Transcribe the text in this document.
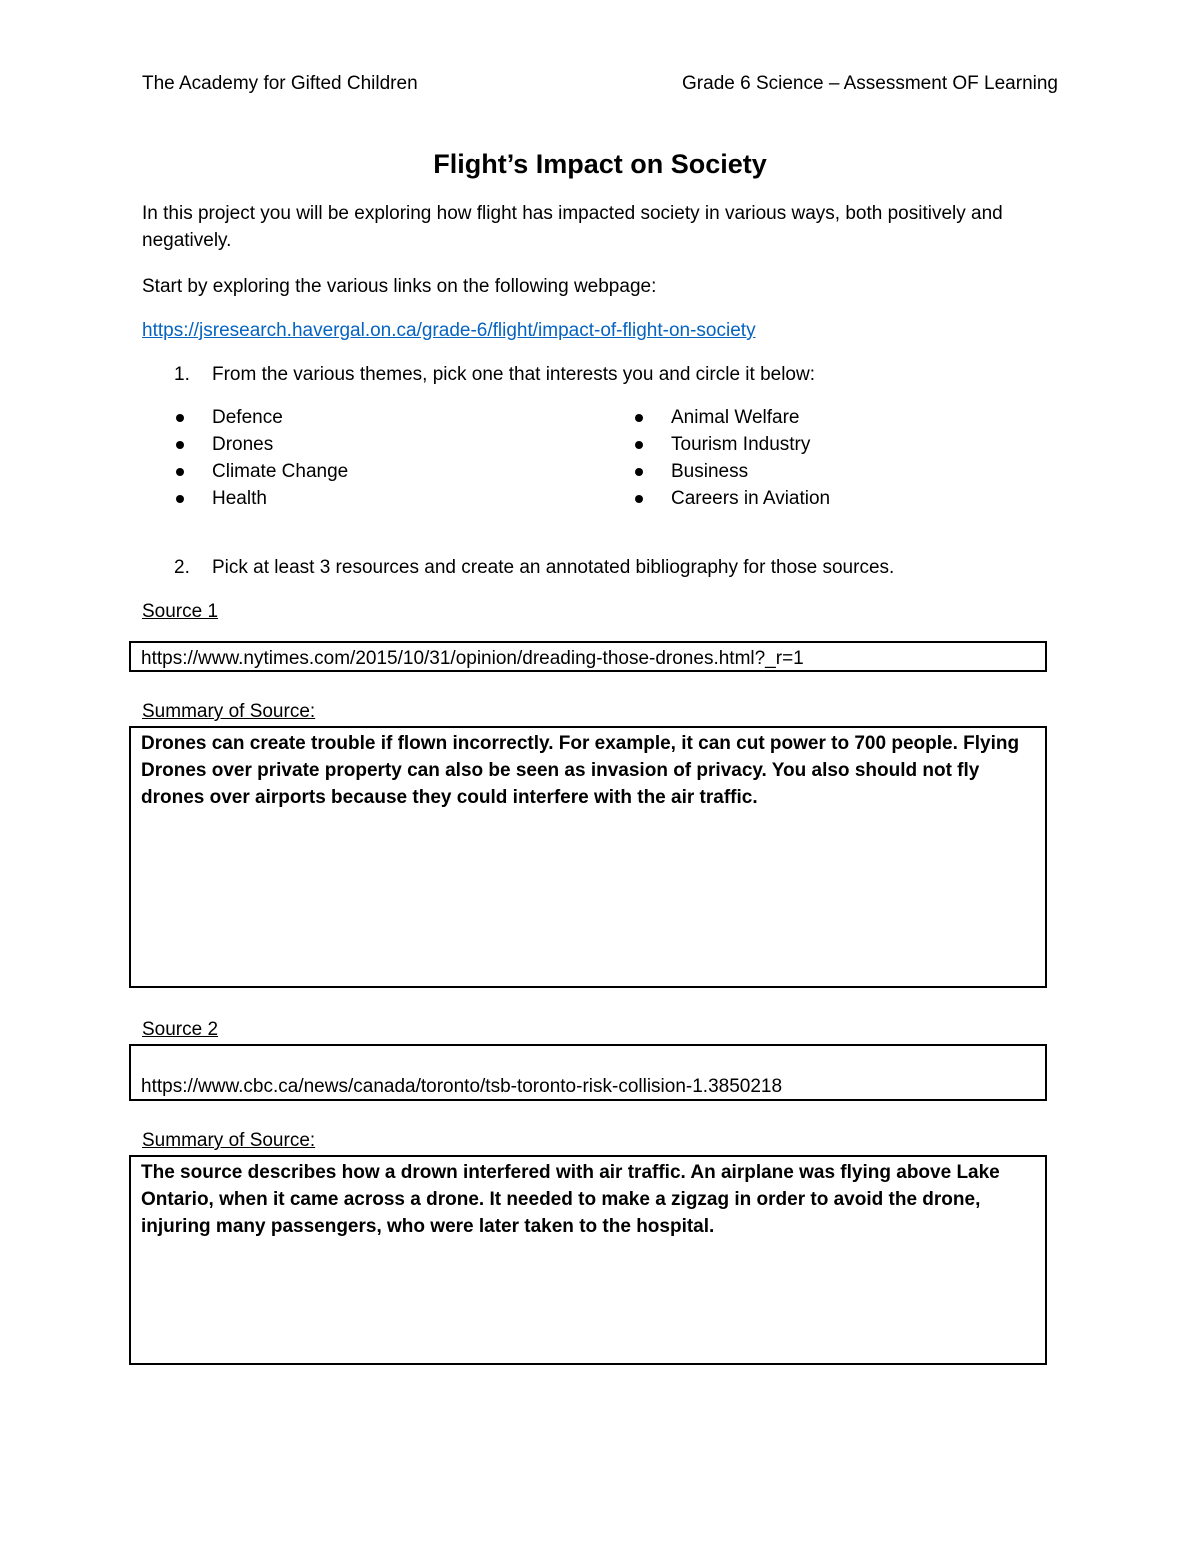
The Academy for Gifted Children	Grade 6 Science – Assessment OF Learning
Flight’s Impact on Society
In this project you will be exploring how flight has impacted society in various ways, both positively and negatively.
Start by exploring the various links on the following webpage:
https://jsresearch.havergal.on.ca/grade-6/flight/impact-of-flight-on-society
1. From the various themes, pick one that interests you and circle it below:
Defence
Drones
Climate Change
Health
Animal Welfare
Tourism Industry
Business
Careers in Aviation
2. Pick at least 3 resources and create an annotated bibliography for those sources.
Source 1
https://www.nytimes.com/2015/10/31/opinion/dreading-those-drones.html?_r=1
Summary of Source:
Drones can create trouble if flown incorrectly. For example, it can cut power to 700 people. Flying Drones over private property can also be seen as invasion of privacy. You also should not fly drones over airports because they could interfere with the air traffic.
Source 2
https://www.cbc.ca/news/canada/toronto/tsb-toronto-risk-collision-1.3850218
Summary of Source:
The source describes how a drown interfered with air traffic. An airplane was flying above Lake Ontario, when it came across a drone. It needed to make a zigzag in order to avoid the drone, injuring many passengers, who were later taken to the hospital.
